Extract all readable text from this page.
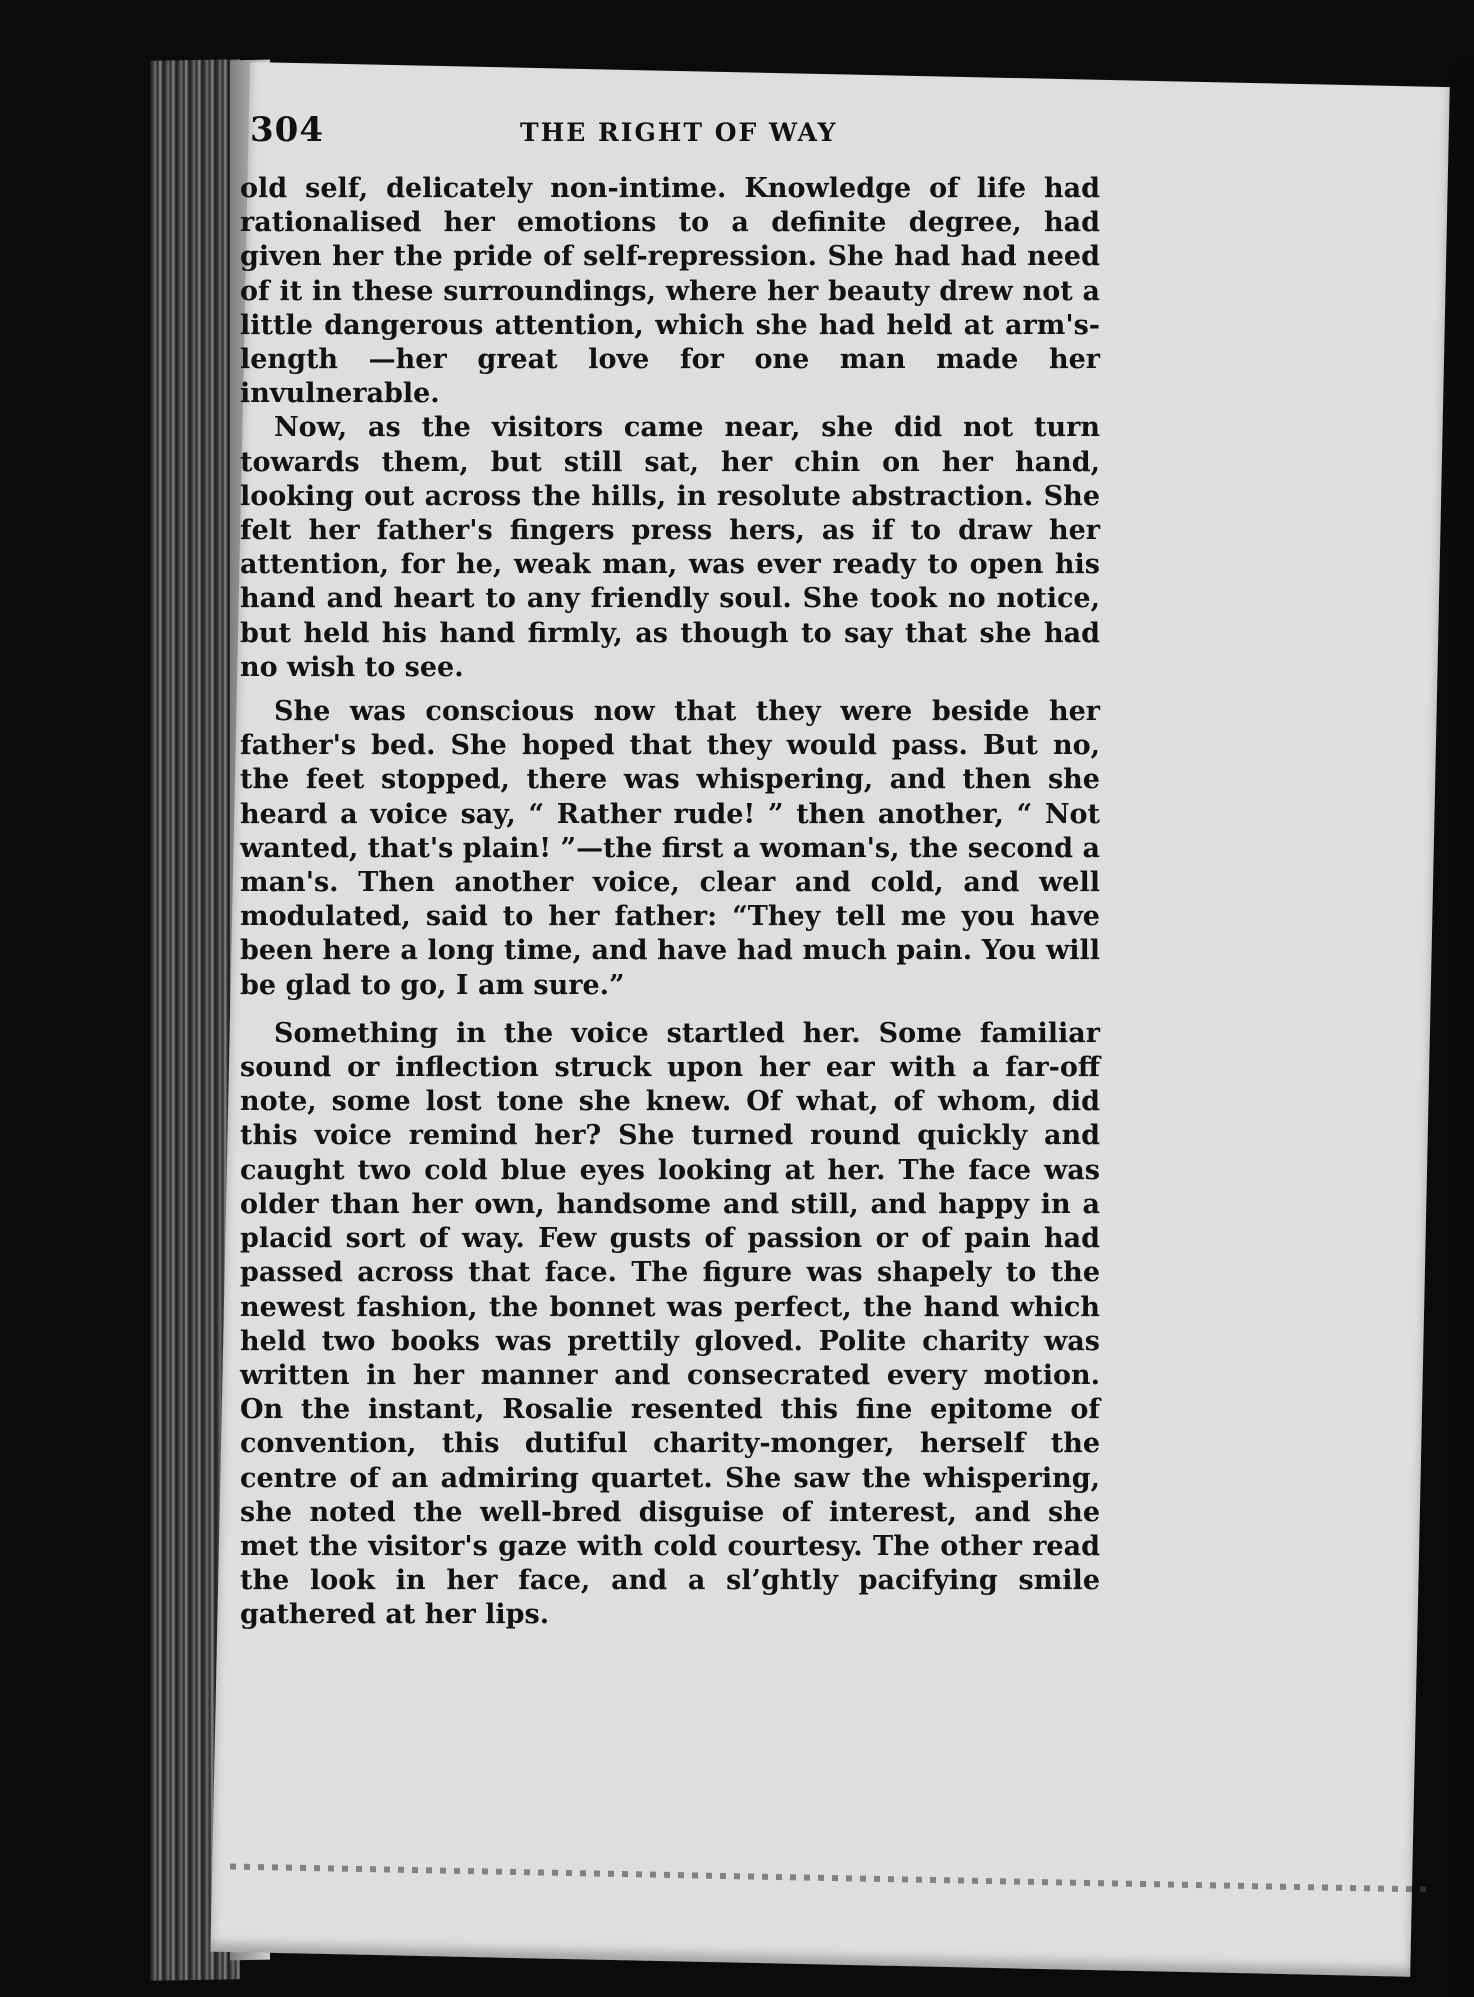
304	THE RIGHT OF WAY

old self, delicately non-intime. Knowledge of life had rationalised her emotions to a definite degree, had given her the pride of self-repression. She had had need of it in these surroundings, where her beauty drew not a little dangerous attention, which she had held at arm's-length —her great love for one man made her invulnerable.

Now, as the visitors came near, she did not turn towards them, but still sat, her chin on her hand, looking out across the hills, in resolute abstraction. She felt her father's fingers press hers, as if to draw her attention, for he, weak man, was ever ready to open his hand and heart to any friendly soul. She took no notice, but held his hand firmly, as though to say that she had no wish to see.

She was conscious now that they were beside her father's bed. She hoped that they would pass. But no, the feet stopped, there was whispering, and then she heard a voice say, “ Rather rude! ” then another, “ Not wanted, that's plain! ”—the first a woman's, the second a man's. Then another voice, clear and cold, and well modulated, said to her father: “They tell me you have been here a long time, and have had much pain. You will be glad to go, I am sure.”

Something in the voice startled her. Some familiar sound or inflection struck upon her ear with a far-off note, some lost tone she knew. Of what, of whom, did this voice remind her? She turned round quickly and caught two cold blue eyes looking at her. The face was older than her own, handsome and still, and happy in a placid sort of way. Few gusts of passion or of pain had passed across that face. The figure was shapely to the newest fashion, the bonnet was perfect, the hand which held two books was prettily gloved. Polite charity was written in her manner and consecrated every motion. On the instant, Rosalie resented this fine epitome of convention, this dutiful charity-monger, herself the centre of an admiring quartet. She saw the whispering, she noted the well-bred disguise of interest, and she met the visitor's gaze with cold courtesy. The other read the look in her face, and a sl’ghtly pacifying smile gathered at her lips.
